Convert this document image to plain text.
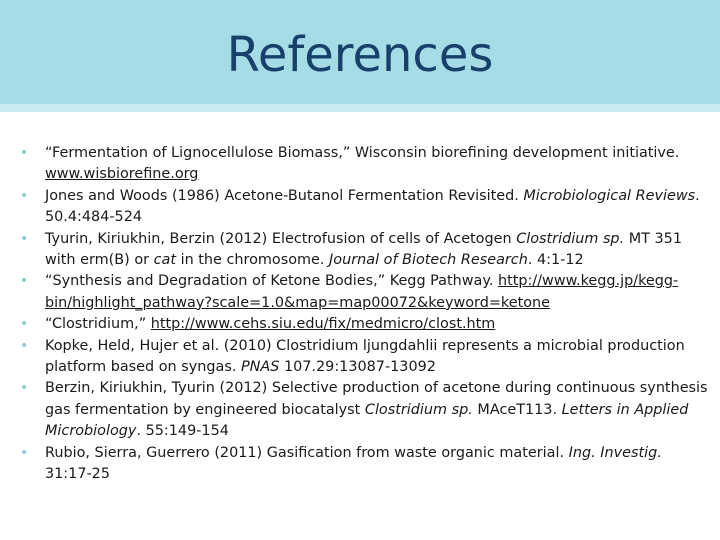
References
• “Fermentation of Lignocellulose Biomass,” Wisconsin biorefining development initiative. www.wisbiorefine.org
• Jones and Woods (1986) Acetone-Butanol Fermentation Revisited. Microbiological Reviews. 50.4:484-524
• Tyurin, Kiriukhin, Berzin (2012) Electrofusion of cells of Acetogen Clostridium sp. MT 351 with erm(B) or cat in the chromosome. Journal of Biotech Research. 4:1-12
• “Synthesis and Degradation of Ketone Bodies,” Kegg Pathway. http://www.kegg.jp/kegg-bin/highlight_pathway?scale=1.0&map=map00072&keyword=ketone
• “Clostridium,” http://www.cehs.siu.edu/fix/medmicro/clost.htm
• Kopke, Held, Hujer et al. (2010) Clostridium ljungdahlii represents a microbial production platform based on syngas. PNAS 107.29:13087-13092
• Berzin, Kiriukhin, Tyurin (2012) Selective production of acetone during continuous synthesis gas fermentation by engineered biocatalyst Clostridium sp. MAceT113. Letters in Applied Microbiology. 55:149-154
• Rubio, Sierra, Guerrero (2011) Gasification from waste organic material. Ing. Investig. 31:17-25
